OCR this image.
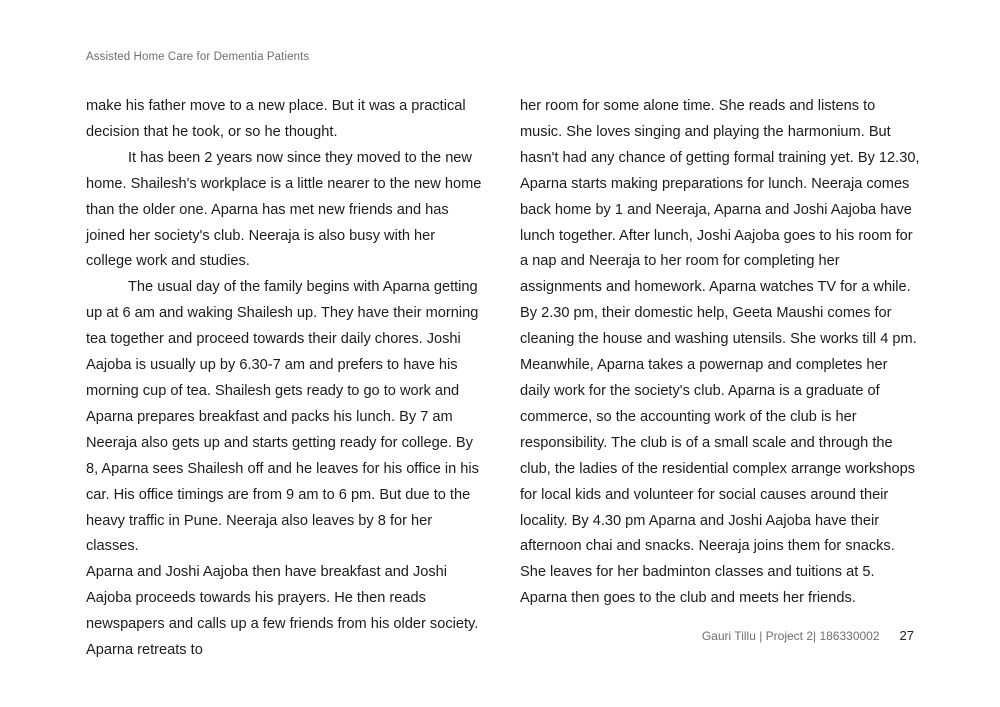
Assisted Home Care for Dementia Patients

make his father move to a new place. But it was a practical decision that he took, or so he thought.

It has been 2 years now since they moved to the new home. Shailesh's workplace is a little nearer to the new home than the older one. Aparna has met new friends and has joined her society's club. Neeraja is also busy with her college work and studies.

The usual day of the family begins with Aparna getting up at 6 am and waking Shailesh up. They have their morning tea together and proceed towards their daily chores. Joshi Aajoba is usually up by 6.30-7 am and prefers to have his morning cup of tea. Shailesh gets ready to go to work and Aparna prepares breakfast and packs his lunch. By 7 am Neeraja also gets up and starts getting ready for college. By 8, Aparna sees Shailesh off and he leaves for his office in his car. His office timings are from 9 am to 6 pm. But due to the heavy traffic in Pune. Neeraja also leaves by 8 for her classes.

Aparna and Joshi Aajoba then have breakfast and Joshi Aajoba proceeds towards his prayers. He then reads newspapers and calls up a few friends from his older society. Aparna retreats to

her room for some alone time. She reads and listens to music. She loves singing and playing the harmonium. But hasn't had any chance of getting formal training yet. By 12.30, Aparna starts making preparations for lunch. Neeraja comes back home by 1 and Neeraja, Aparna and Joshi Aajoba have lunch together. After lunch, Joshi Aajoba goes to his room for a nap and Neeraja to her room for completing her assignments and homework. Aparna watches TV for a while. By 2.30 pm, their domestic help, Geeta Maushi comes for cleaning the house and washing utensils. She works till 4 pm. Meanwhile, Aparna takes a powernap and completes her daily work for the society's club. Aparna is a graduate of commerce, so the accounting work of the club is her responsibility. The club is of a small scale and through the club, the ladies of the residential complex arrange workshops for local kids and volunteer for social causes around their locality. By 4.30 pm Aparna and Joshi Aajoba have their afternoon chai and snacks. Neeraja joins them for snacks. She leaves for her badminton classes and tuitions at 5.

Aparna then goes to the club and meets her friends.

Gauri Tillu | Project 2| 186330002 27
